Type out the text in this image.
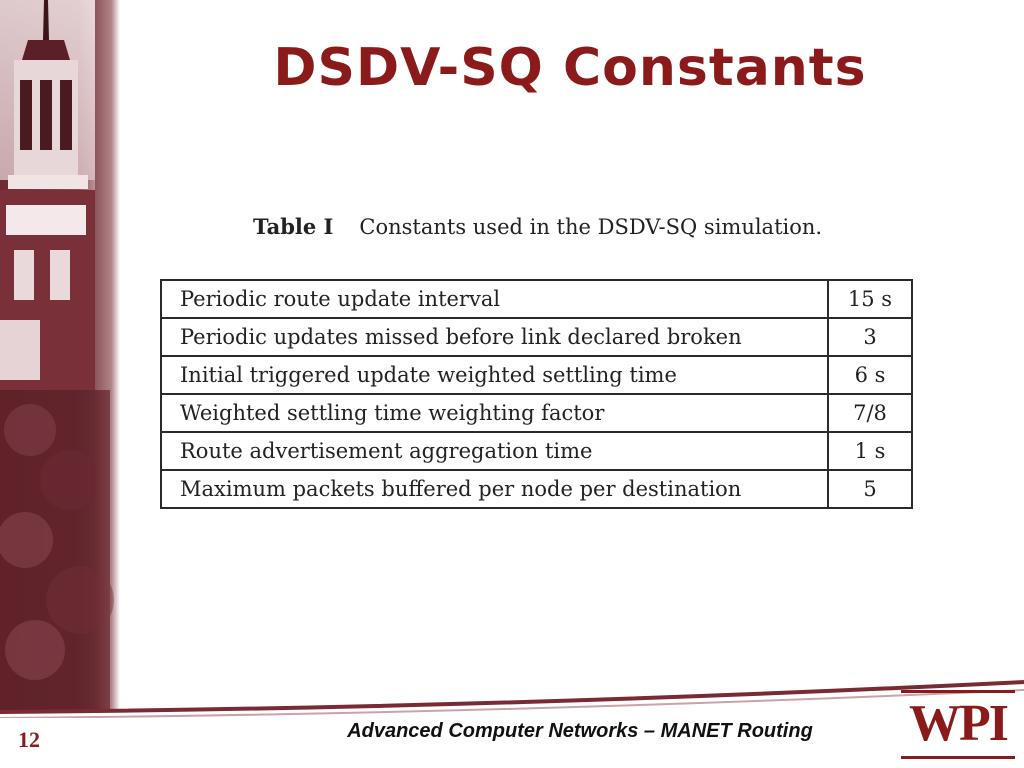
DSDV-SQ Constants
Table I Constants used in the DSDV-SQ simulation.
Periodic route update interval	15 s
Periodic updates missed before link declared broken	3
Initial triggered update weighted settling time	6 s
Weighted settling time weighting factor	7/8
Route advertisement aggregation time	1 s
Maximum packets buffered per node per destination	5
12	Advanced Computer Networks – MANET Routing	WPI
